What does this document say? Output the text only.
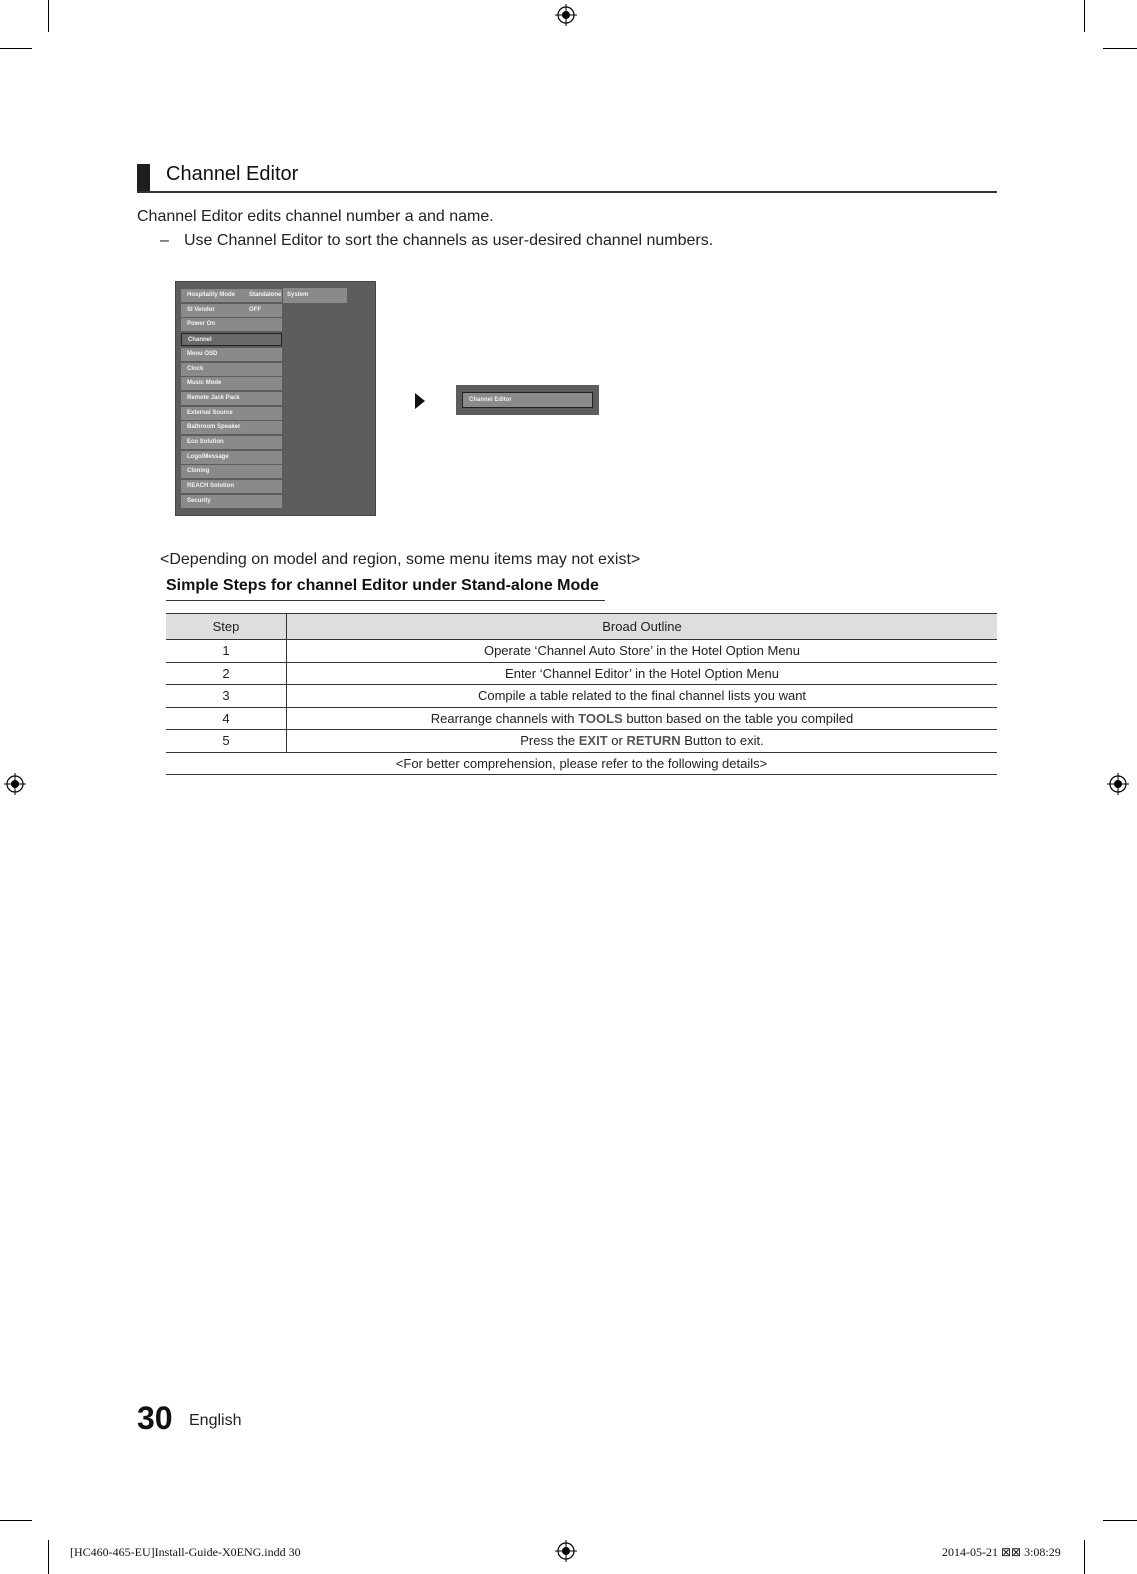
Channel Editor
Channel Editor edits channel number a and name.
– Use Channel Editor to sort the channels as user-desired channel numbers.
System
Hospitality Mode Standalone
SI Vendor	OFF
Power On
Channel
Menu OSD
Clock
Music Mode
Remote Jack Pack
External Source
Bathroom Speaker
Eco Solution
Logo/Message
Cloning
REACH Solution
Security
Channel Editor
<Depending on model and region, some menu items may not exist>
Simple Steps for channel Editor under Stand-alone Mode
Step	Broad Outline
1	Operate ‘Channel Auto Store’ in the Hotel Option Menu
2	Enter ‘Channel Editor’ in the Hotel Option Menu
3	Compile a table related to the final channel lists you want
4	Rearrange channels with TOOLS button based on the table you compiled
5	Press the EXIT or RETURN Button to exit.
<For better comprehension, please refer to the following details>	
30 English
[HC460-465-EU]Install-Guide-X0ENG.indd 30	2014-05-21 ⊠⊠ 3:08:29
